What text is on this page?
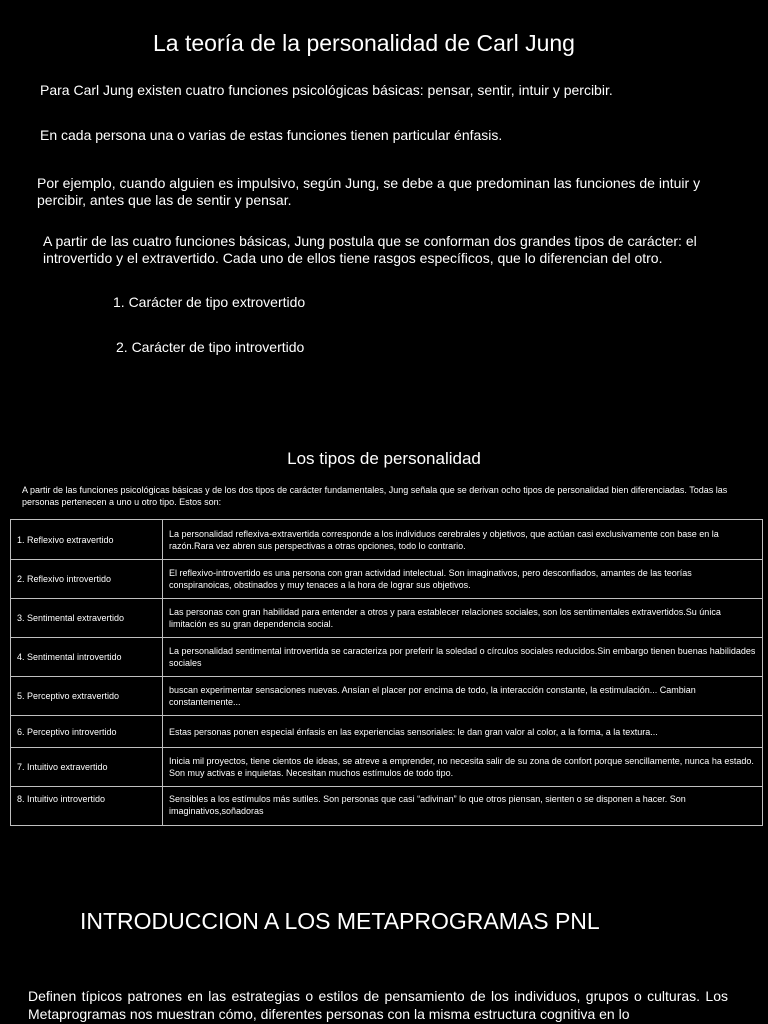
La teoría de la personalidad de Carl Jung
Para Carl Jung existen cuatro funciones psicológicas básicas: pensar, sentir, intuir y percibir.
En cada persona una o varias de estas funciones tienen particular énfasis.
Por ejemplo, cuando alguien es impulsivo, según Jung, se debe a que predominan las funciones de intuir y percibir, antes que las de sentir y pensar.
A partir de las cuatro funciones básicas, Jung postula que se conforman dos grandes tipos de carácter: el introvertido y el extravertido. Cada uno de ellos tiene rasgos específicos, que lo diferencian del otro.
1. Carácter de tipo extrovertido
2. Carácter de tipo introvertido
Los tipos de personalidad
A partir de las funciones psicológicas básicas y de los dos tipos de carácter fundamentales, Jung señala que se derivan ocho tipos de personalidad bien diferenciadas. Todas las personas pertenecen a uno u otro tipo. Estos son:
1. Reflexivo extravertido	La personalidad reflexiva-extravertida corresponde a los individuos cerebrales y objetivos, que actúan casi exclusivamente con base en la razón.Rara vez abren sus perspectivas a otras opciones, todo lo contrario.
2. Reflexivo introvertido	El reflexivo-introvertido es una persona con gran actividad intelectual. Son imaginativos, pero desconfiados, amantes de las teorías conspiranoicas, obstinados y muy tenaces a la hora de lograr sus objetivos.
3. Sentimental extravertido	Las personas con gran habilidad para entender a otros y para establecer relaciones sociales, son los sentimentales extravertidos.Su única limitación es su gran dependencia social.
4. Sentimental introvertido	La personalidad sentimental introvertida se caracteriza por preferir la soledad o círculos sociales reducidos.Sin embargo tienen buenas habilidades sociales
5. Perceptivo extravertido	buscan experimentar sensaciones nuevas. Ansían el placer por encima de todo, la interacción constante, la estimulación... Cambian constantemente...
6. Perceptivo introvertido	Estas personas ponen especial énfasis en las experiencias sensoriales: le dan gran valor al color, a la forma, a la textura...
7. Intuitivo extravertido	Inicia mil proyectos, tiene cientos de ideas, se atreve a emprender, no necesita salir de su zona de confort porque sencillamente, nunca ha estado. Son muy activas e inquietas. Necesitan muchos estímulos de todo tipo.
8. Intuitivo introvertido	Sensibles a los estímulos más sutiles. Son personas que casi “adivinan” lo que otros piensan, sienten o se disponen a hacer. Son imaginativos,soñadoras
INTRODUCCION A LOS METAPROGRAMAS PNL
Definen típicos patrones en las estrategias o estilos de pensamiento de los individuos, grupos o culturas. Los Metaprogramas nos muestran cómo, diferentes personas con la misma estructura cognitiva en lo
